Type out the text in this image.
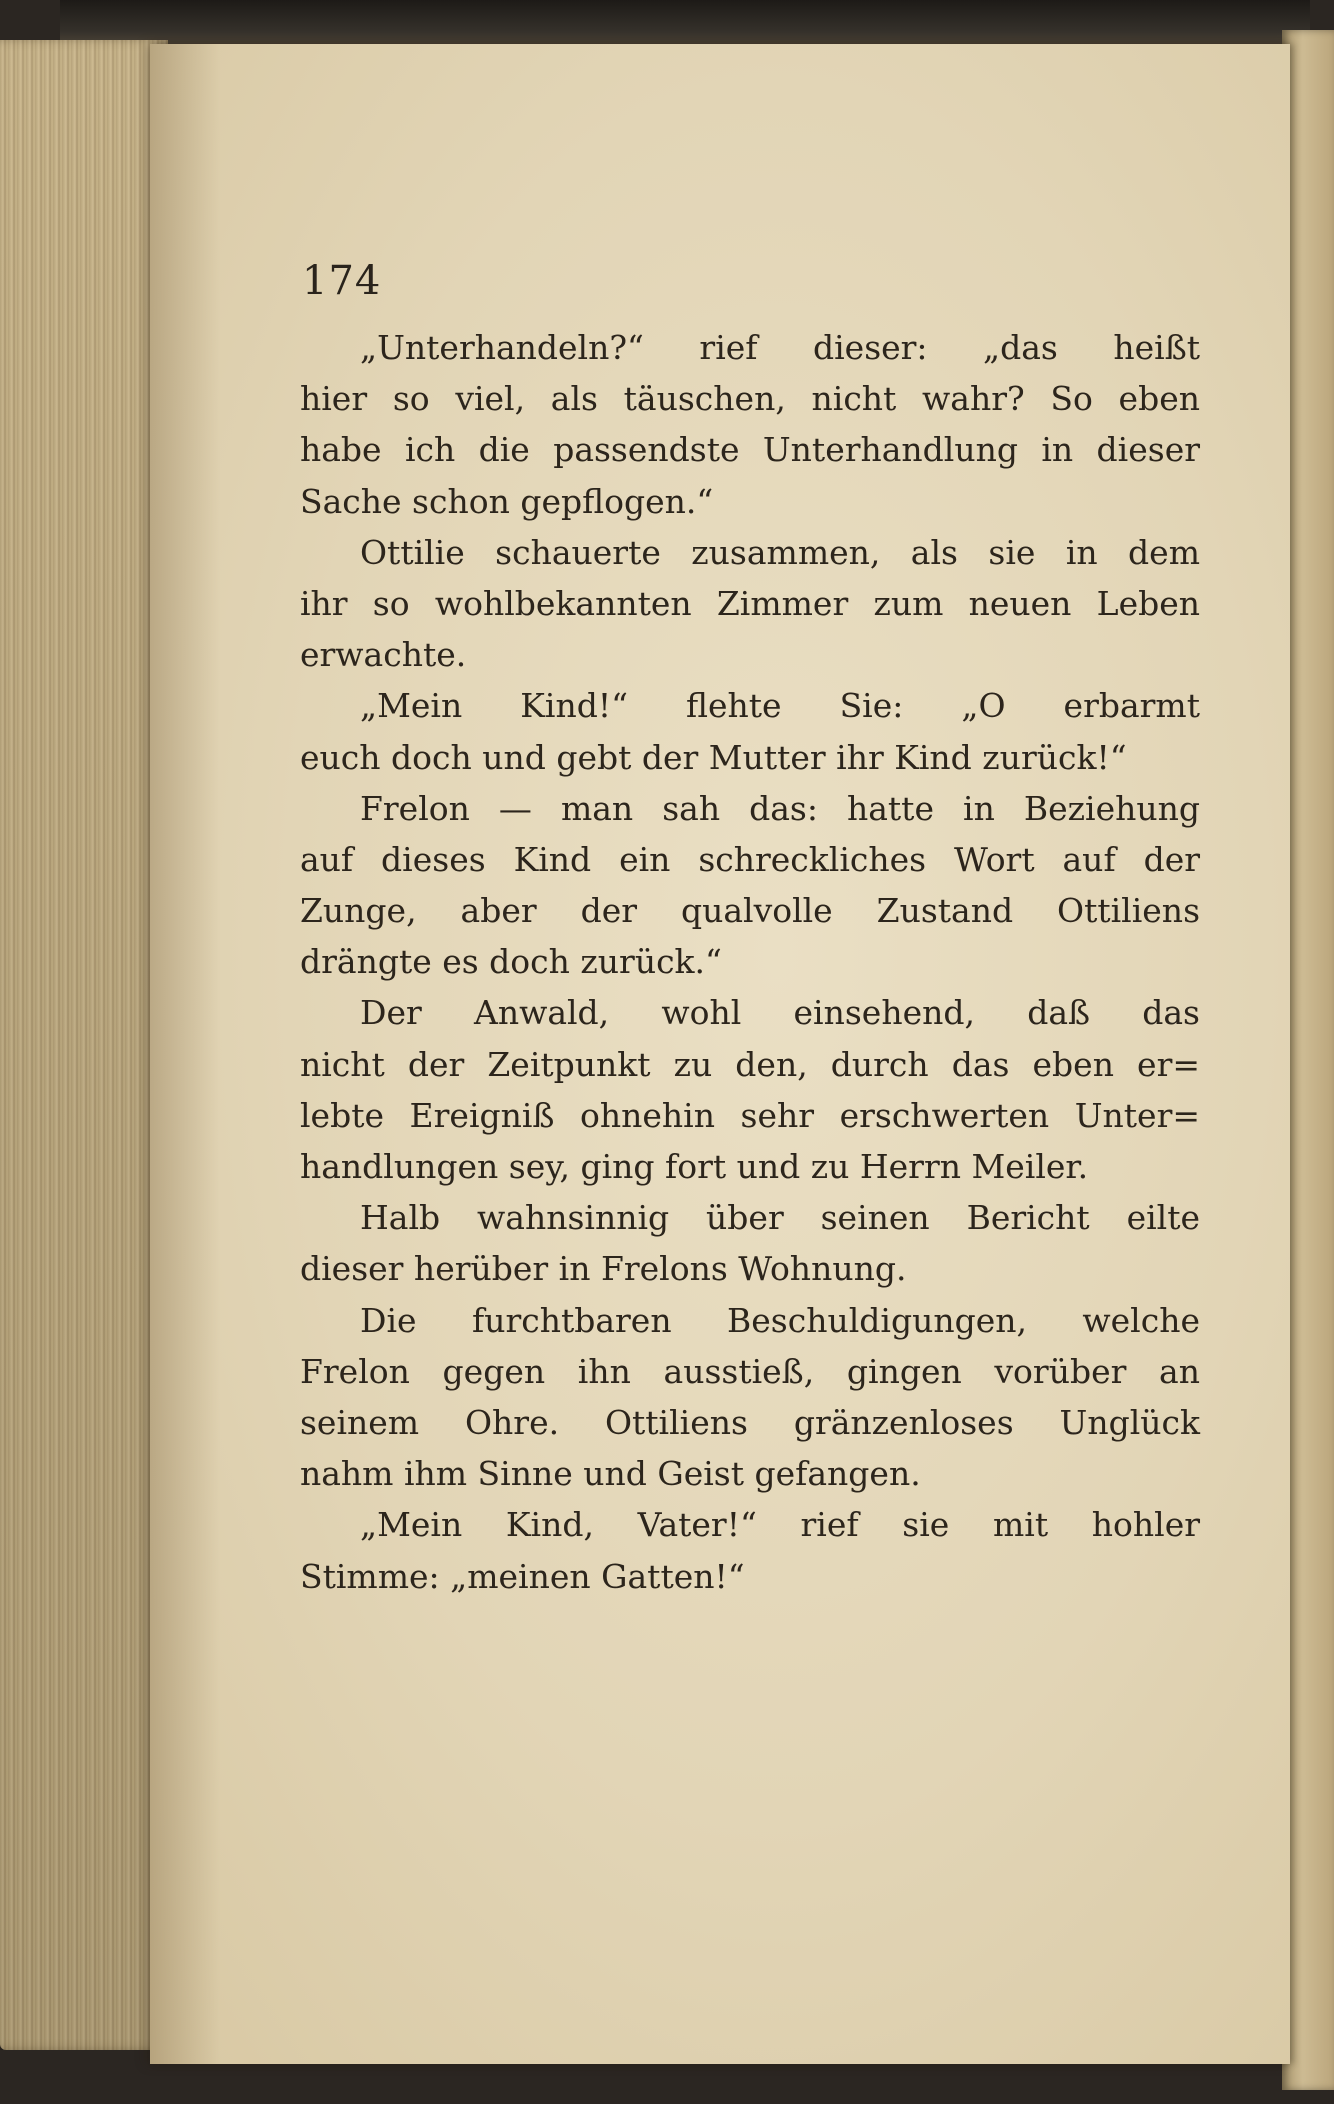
174
„Unterhandeln?“ rief dieser: „das heißt
hier so viel, als täuschen, nicht wahr? So eben
habe ich die passendste Unterhandlung in dieser
Sache schon gepflogen.“
Ottilie schauerte zusammen, als sie in dem
ihr so wohlbekannten Zimmer zum neuen Leben
erwachte.
„Mein Kind!“ flehte Sie: „O erbarmt
euch doch und gebt der Mutter ihr Kind zurück!“
Frelon — man sah das: hatte in Beziehung
auf dieses Kind ein schreckliches Wort auf der
Zunge, aber der qualvolle Zustand Ottiliens
drängte es doch zurück.“
Der Anwald, wohl einsehend, daß das
nicht der Zeitpunkt zu den, durch das eben er=
lebte Ereigniß ohnehin sehr erschwerten Unter=
handlungen sey, ging fort und zu Herrn Meiler.
Halb wahnsinnig über seinen Bericht eilte
dieser herüber in Frelons Wohnung.
Die furchtbaren Beschuldigungen, welche
Frelon gegen ihn ausstieß, gingen vorüber an
seinem Ohre. Ottiliens gränzenloses Unglück
nahm ihm Sinne und Geist gefangen.
„Mein Kind, Vater!“ rief sie mit hohler
Stimme: „meinen Gatten!“
